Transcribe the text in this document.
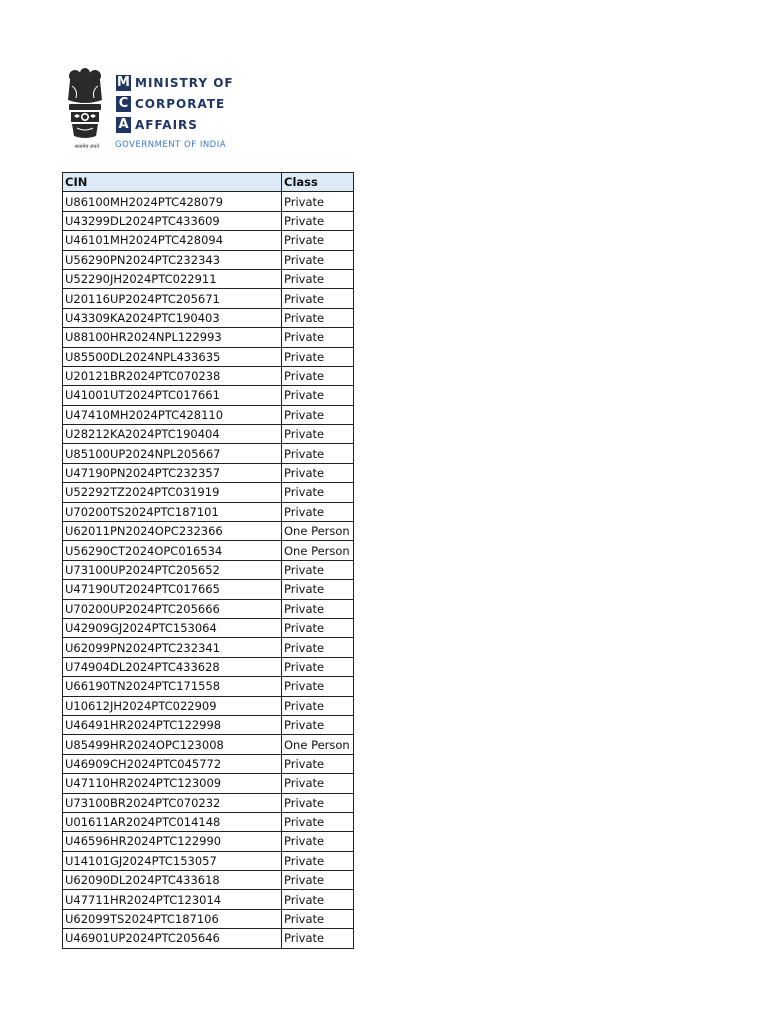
सत्यमेव जयते
M MINISTRY OF
C CORPORATE
A AFFAIRS
GOVERNMENT OF INDIA
CIN	Class
U86100MH2024PTC428079	Private
U43299DL2024PTC433609	Private
U46101MH2024PTC428094	Private
U56290PN2024PTC232343	Private
U52290JH2024PTC022911	Private
U20116UP2024PTC205671	Private
U43309KA2024PTC190403	Private
U88100HR2024NPL122993	Private
U85500DL2024NPL433635	Private
U20121BR2024PTC070238	Private
U41001UT2024PTC017661	Private
U47410MH2024PTC428110	Private
U28212KA2024PTC190404	Private
U85100UP2024NPL205667	Private
U47190PN2024PTC232357	Private
U52292TZ2024PTC031919	Private
U70200TS2024PTC187101	Private
U62011PN2024OPC232366	One Person
U56290CT2024OPC016534	One Person
U73100UP2024PTC205652	Private
U47190UT2024PTC017665	Private
U70200UP2024PTC205666	Private
U42909GJ2024PTC153064	Private
U62099PN2024PTC232341	Private
U74904DL2024PTC433628	Private
U66190TN2024PTC171558	Private
U10612JH2024PTC022909	Private
U46491HR2024PTC122998	Private
U85499HR2024OPC123008	One Person
U46909CH2024PTC045772	Private
U47110HR2024PTC123009	Private
U73100BR2024PTC070232	Private
U01611AR2024PTC014148	Private
U46596HR2024PTC122990	Private
U14101GJ2024PTC153057	Private
U62090DL2024PTC433618	Private
U47711HR2024PTC123014	Private
U62099TS2024PTC187106	Private
U46901UP2024PTC205646	Private
